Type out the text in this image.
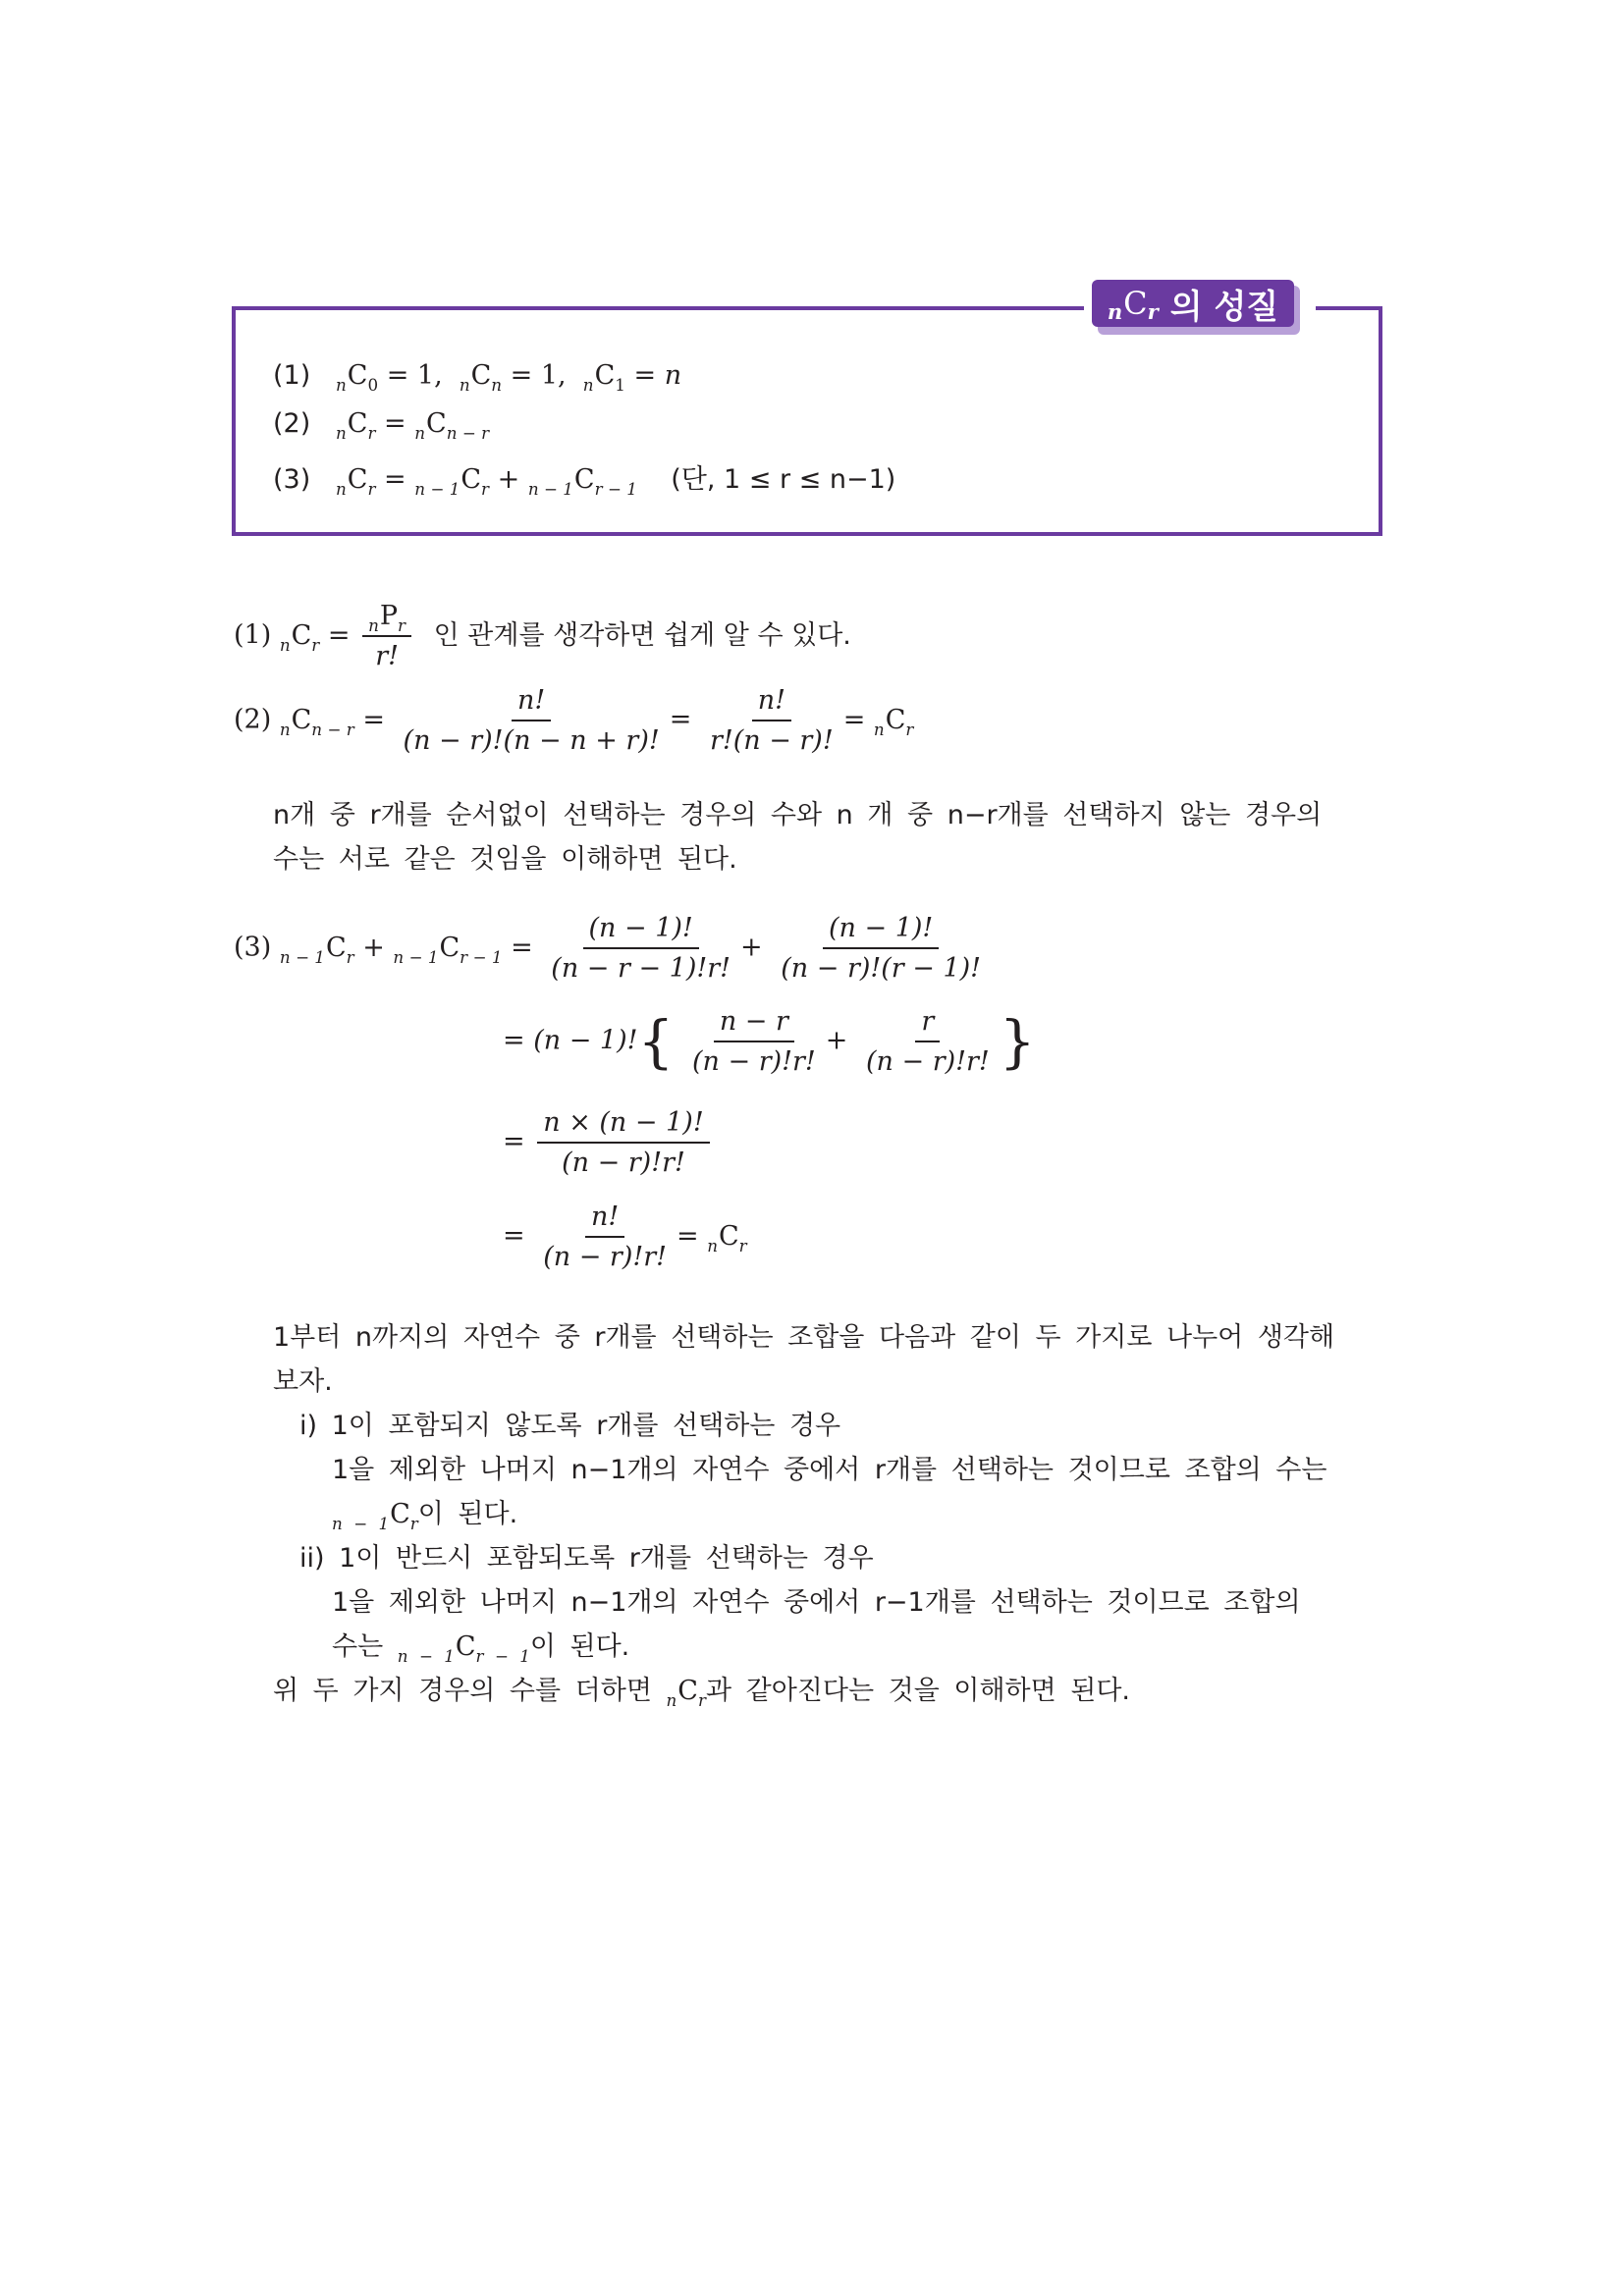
n C r 의 성질
(1) $_nC_0 = 1$,  $_nC_n = 1$,  $_nC_1 = n$
(2) $_nC_r = _nC_{n - r}$
(3) $_nC_r = _{n - 1}C_r + _{n - 1}C_{r - 1}$ (단, 1 ≤ r ≤ n−1)
(1) $_nC_r = \frac{_nP_r}{r!}$ 인 관계를 생각하면 쉽게 알 수 있다.
(2) $_nC_{n - r} = \frac{n!}{(n - r)!(n - n + r)!} = \frac{n!}{r!(n - r)!} = _nC_r$
n개 중 r개를 순서없이 선택하는 경우의 수와 n 개 중 n−r개를 선택하지 않는 경우의 수는 서로 같은 것임을 이해하면 된다.
(3) $_{n - 1}C_r + _{n - 1}C_{r - 1} = \frac{(n - 1)!}{(n - r - 1)!r!} + \frac{(n - 1)!}{(n - r)!(r - 1)!}$
= $(n - 1)!\{ \frac{n - r}{(n - r)!r!} + \frac{r}{(n - r)!r!}$ }
= $\frac{n \times (n - 1)!}{(n - r)!r!}$
= $\frac{n!}{(n - r)!r!} = _nC_r$
1부터 n까지의 자연수 중 r개를 선택하는 조합을 다음과 같이 두 가지로 나누어 생각해 보자.
i) 1이 포함되지 않도록 r개를 선택하는 경우
1을 제외한 나머지 n−1개의 자연수 중에서 r개를 선택하는 것이므로 조합의 수는
$_{n - 1}C_r$이 된다.
ii) 1이 반드시 포함되도록 r개를 선택하는 경우
1을 제외한 나머지 n−1개의 자연수 중에서 r−1개를 선택하는 것이므로 조합의
수는 $_{n - 1}C_{r - 1}$이 된다.
위 두 가지 경우의 수를 더하면 $_nC_r$과 같아진다는 것을 이해하면 된다.
